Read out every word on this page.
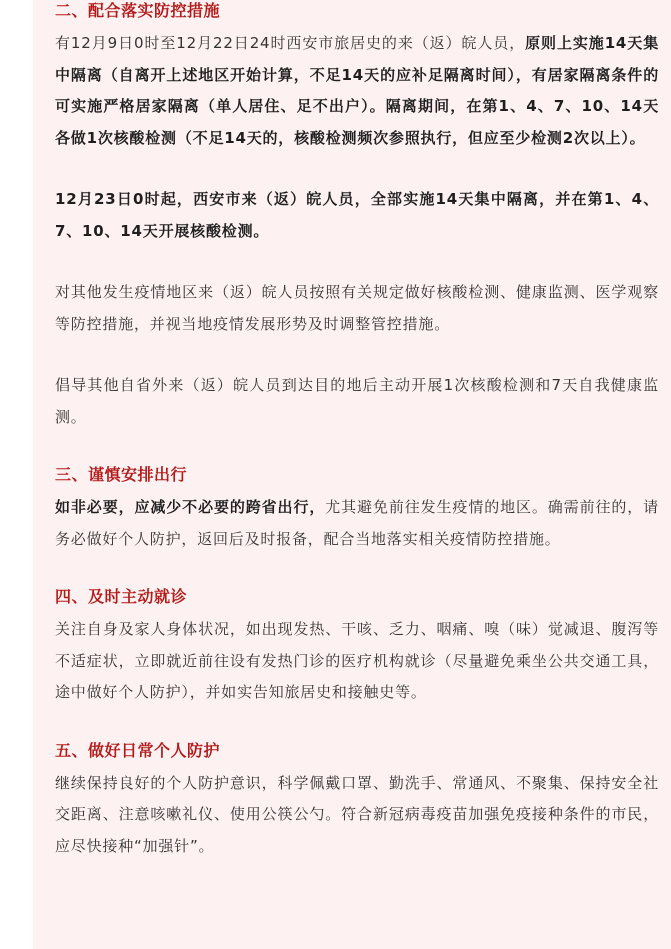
二、配合落实防控措施

有12月9日0时至12月22日24时西安市旅居史的来（返）皖人员，原则上实施14天集中隔离（自离开上述地区开始计算，不足14天的应补足隔离时间），有居家隔离条件的可实施严格居家隔离（单人居住、足不出户）。隔离期间，在第1、4、7、10、14天各做1次核酸检测（不足14天的，核酸检测频次参照执行，但应至少检测2次以上）。

12月23日0时起，西安市来（返）皖人员，全部实施14天集中隔离，并在第1、4、7、10、14天开展核酸检测。

对其他发生疫情地区来（返）皖人员按照有关规定做好核酸检测、健康监测、医学观察等防控措施，并视当地疫情发展形势及时调整管控措施。

倡导其他自省外来（返）皖人员到达目的地后主动开展1次核酸检测和7天自我健康监测。

三、谨慎安排出行

如非必要，应减少不必要的跨省出行，尤其避免前往发生疫情的地区。确需前往的，请务必做好个人防护，返回后及时报备，配合当地落实相关疫情防控措施。

四、及时主动就诊

关注自身及家人身体状况，如出现发热、干咳、乏力、咽痛、嗅（味）觉减退、腹泻等不适症状，立即就近前往设有发热门诊的医疗机构就诊（尽量避免乘坐公共交通工具，途中做好个人防护），并如实告知旅居史和接触史等。

五、做好日常个人防护

继续保持良好的个人防护意识，科学佩戴口罩、勤洗手、常通风、不聚集、保持安全社交距离、注意咳嗽礼仪、使用公筷公勺。符合新冠病毒疫苗加强免疫接种条件的市民，应尽快接种“加强针”。
